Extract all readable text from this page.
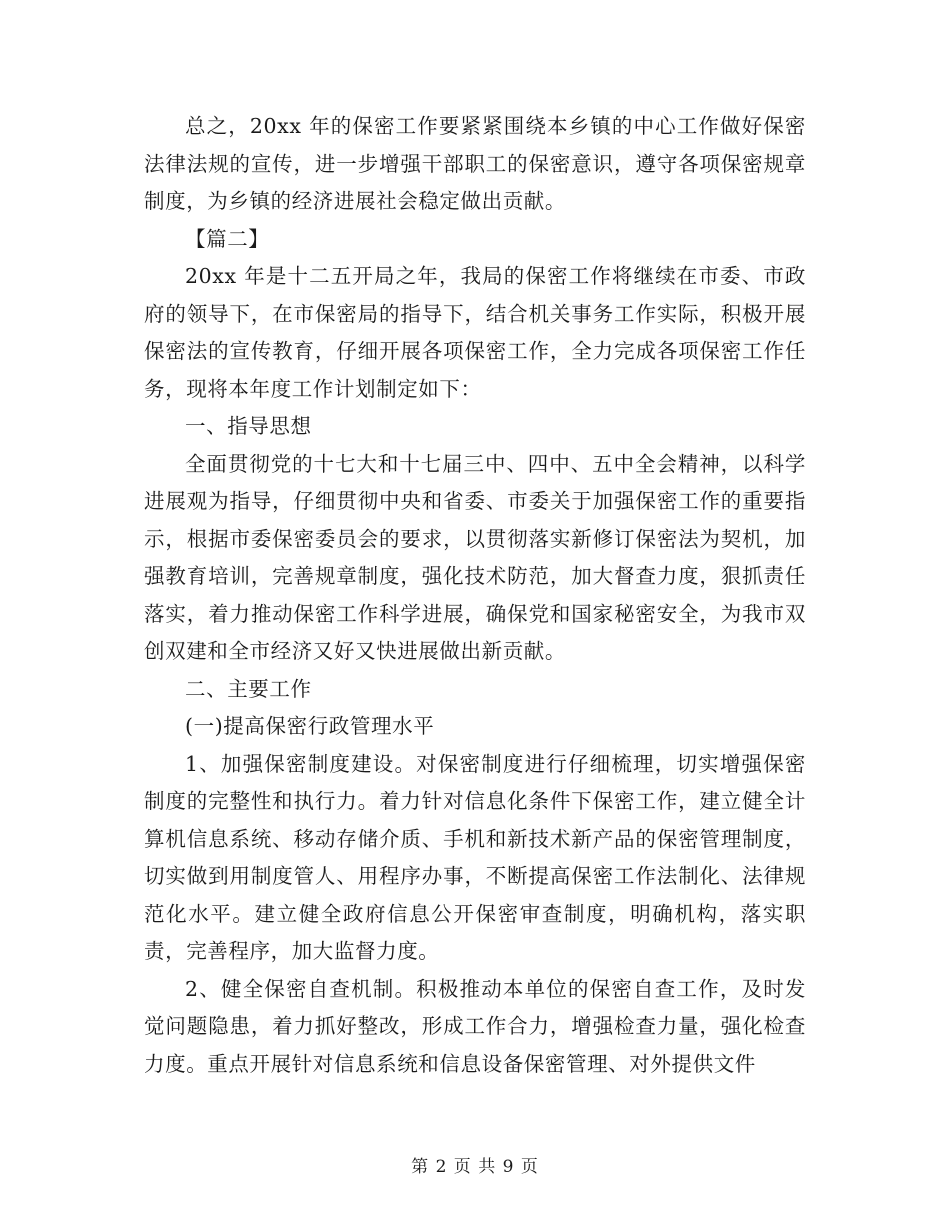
总之，20xx 年的保密工作要紧紧围绕本乡镇的中心工作做好保密法律法规的宣传，进一步增强干部职工的保密意识，遵守各项保密规章制度，为乡镇的经济进展社会稳定做出贡献。

【篇二】

20xx 年是十二五开局之年，我局的保密工作将继续在市委、市政府的领导下，在市保密局的指导下，结合机关事务工作实际，积极开展保密法的宣传教育，仔细开展各项保密工作，全力完成各项保密工作任务，现将本年度工作计划制定如下：

一、指导思想

全面贯彻党的十七大和十七届三中、四中、五中全会精神，以科学进展观为指导，仔细贯彻中央和省委、市委关于加强保密工作的重要指示，根据市委保密委员会的要求，以贯彻落实新修订保密法为契机，加强教育培训，完善规章制度，强化技术防范，加大督查力度，狠抓责任落实，着力推动保密工作科学进展，确保党和国家秘密安全，为我市双创双建和全市经济又好又快进展做出新贡献。

二、主要工作

(一)提高保密行政管理水平

1、加强保密制度建设。对保密制度进行仔细梳理，切实增强保密制度的完整性和执行力。着力针对信息化条件下保密工作，建立健全计算机信息系统、移动存储介质、手机和新技术新产品的保密管理制度，切实做到用制度管人、用程序办事，不断提高保密工作法制化、法律规范化水平。建立健全政府信息公开保密审查制度，明确机构，落实职责，完善程序，加大监督力度。

2、健全保密自查机制。积极推动本单位的保密自查工作，及时发觉问题隐患，着力抓好整改，形成工作合力，增强检查力量，强化检查力度。重点开展针对信息系统和信息设备保密管理、对外提供文件

第 2 页 共 9 页
